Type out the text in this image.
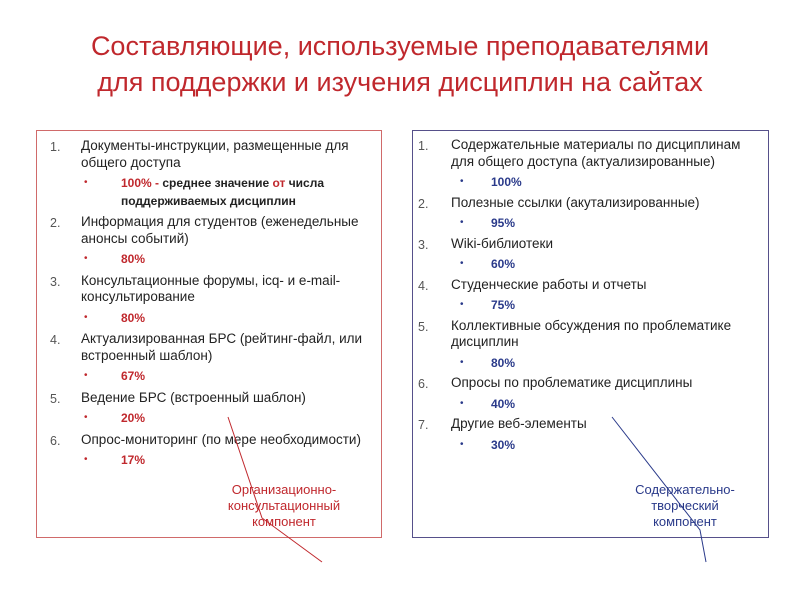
Составляющие, используемые преподавателями
для поддержки и изучения дисциплин на сайтах
1. Документы-инструкции, размещенные для общего доступа
•	100% - среднее значение от числа поддерживаемых дисциплин
2. Информация для студентов (еженедельные анонсы событий)
•	80%
3. Консультационные форумы, icq- и e-mail-консультирование
•	80%
4. Актуализированная БРС (рейтинг-файл, или встроенный шаблон)
•	67%
5. Ведение БРС (встроенный шаблон)
•	20%
6. Опрос-мониторинг (по мере необходимости)
•	17%
1. Содержательные материалы по дисциплинам для общего доступа (актуализированные)
• 100%
2. Полезные ссылки (акутализированные)
• 95%
3. Wiki-библиотеки
• 60%
4. Студенческие работы и отчеты
• 75%
5. Коллективные обсуждения по проблематике дисциплин
• 80%
6. Опросы по проблематике дисциплины
• 40%
7. Другие веб-элементы
• 30%
Организационно-
консультационный
компонент
Содержательно-
творческий
компонент
